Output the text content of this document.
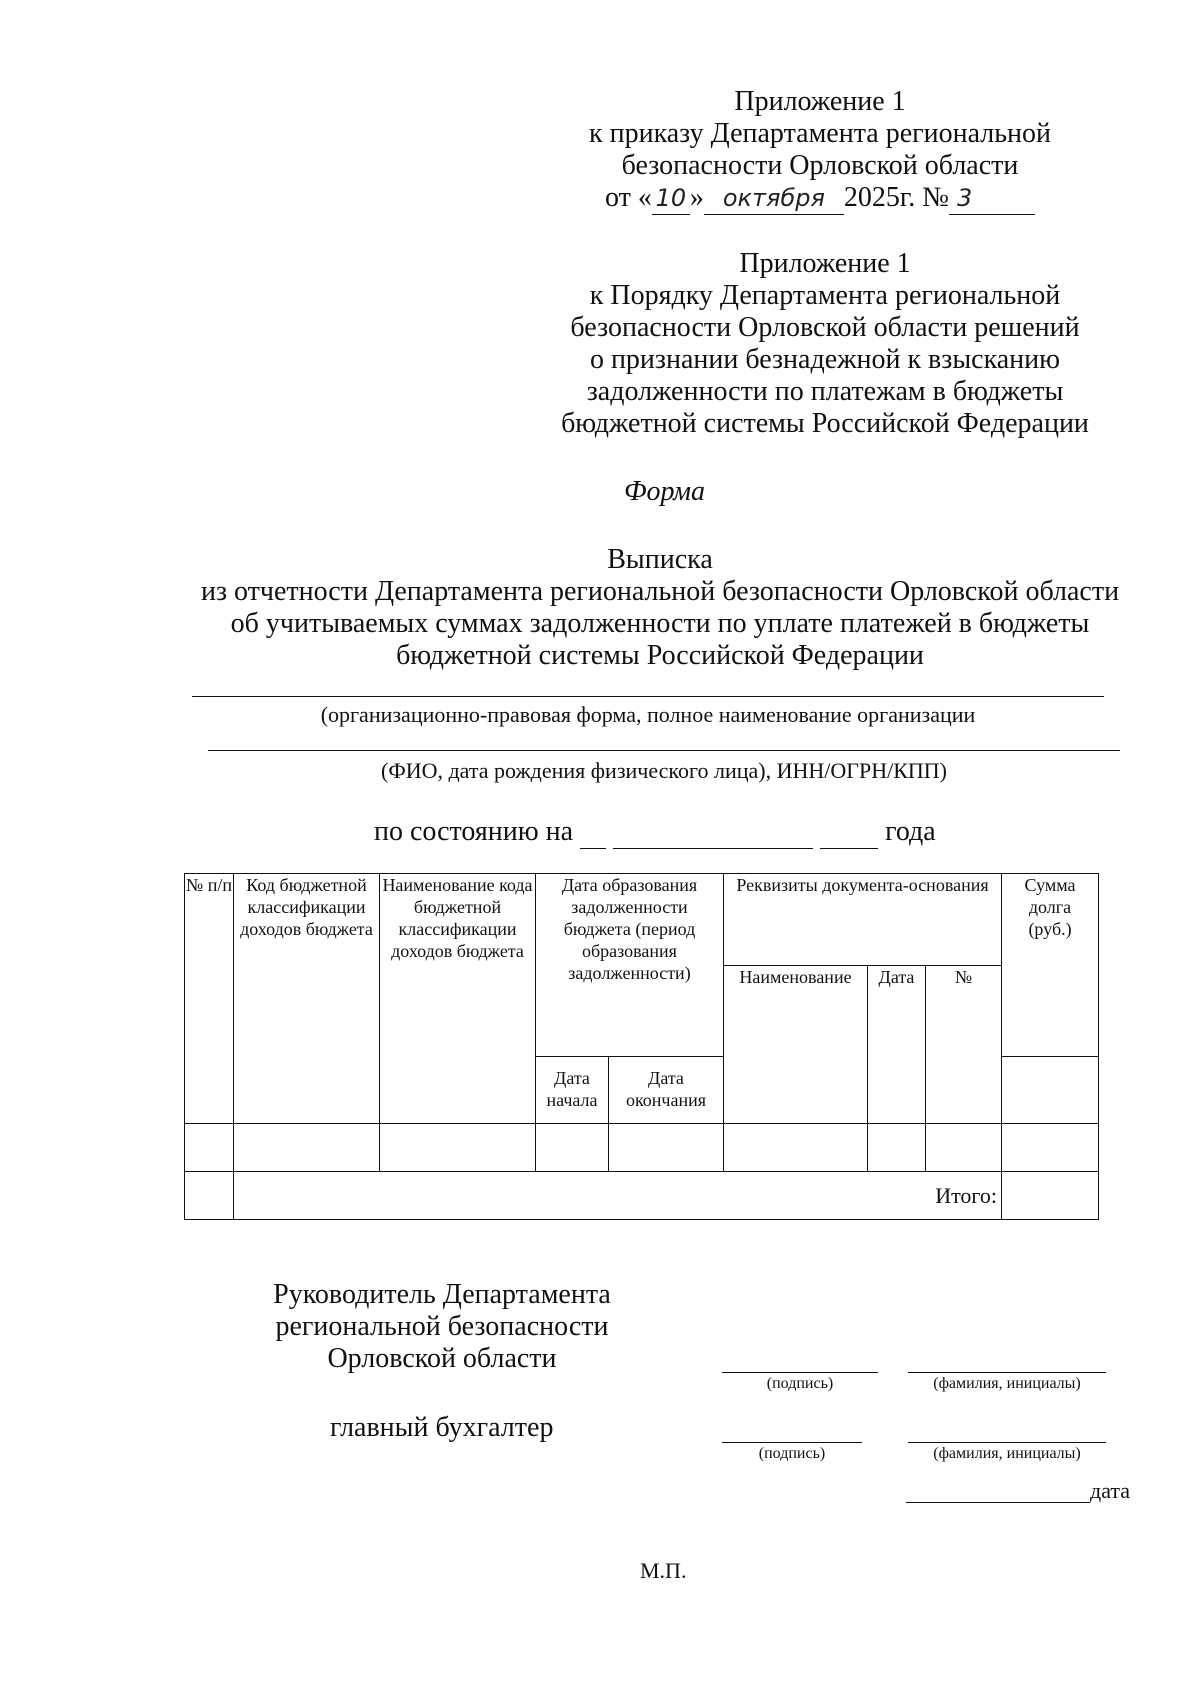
Приложение 1
к приказу Департамента региональной
безопасности Орловской области
от « 10 » октября 2025г. № 3
Приложение 1
к Порядку Департамента региональной
безопасности Орловской области решений
о признании безнадежной к взысканию
задолженности по платежам в бюджеты
бюджетной системы Российской Федерации
Форма
Выписка
из отчетности Департамента региональной безопасности Орловской области
об учитываемых суммах задолженности по уплате платежей в бюджеты
бюджетной системы Российской Федерации
(организационно-правовая форма, полное наименование организации
(ФИО, дата рождения физического лица), ИНН/ОГРН/КПП)
по состоянию на	года
№ п/п	Код бюджетной классификации доходов бюджета	Наименование кода бюджетной классификации доходов бюджета	Дата образования задолженности бюджета (период образования задолженности)		Реквизиты документа-основания			Сумма долга (руб.)
					Наименование	Дата	№	
			Дата начала	Дата окончания				

	Итого:							
Руководитель Департамента
региональной безопасности
Орловской области
(подпись)	(фамилия, инициалы)
главный бухгалтер
(подпись)	(фамилия, инициалы)
дата
М.П.
